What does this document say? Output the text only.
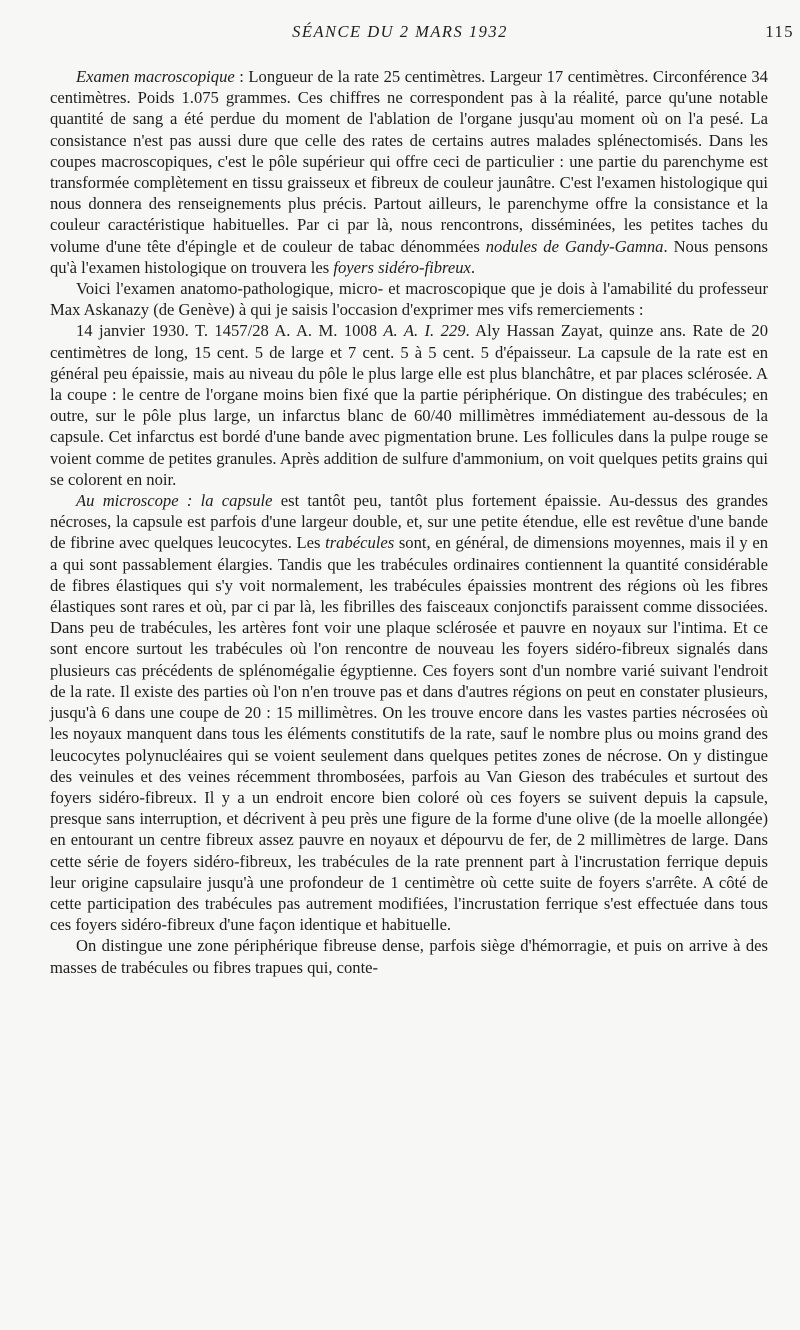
SÉANCE DU 2 MARS 1932	115

Examen macroscopique : Longueur de la rate 25 centimètres. Largeur 17 centimètres. Circonférence 34 centimètres. Poids 1.075 grammes. Ces chiffres ne correspondent pas à la réalité, parce qu'une notable quantité de sang a été perdue du moment de l'ablation de l'organe jusqu'au moment où on l'a pesé. La consistance n'est pas aussi dure que celle des rates de certains autres malades splénectomisés. Dans les coupes macroscopiques, c'est le pôle supérieur qui offre ceci de particulier : une partie du parenchyme est transformée complètement en tissu graisseux et fibreux de couleur jaunâtre. C'est l'examen histologique qui nous donnera des renseignements plus précis. Partout ailleurs, le parenchyme offre la consistance et la couleur caractéristique habituelles. Par ci par là, nous rencontrons, disséminées, les petites taches du volume d'une tête d'épingle et de couleur de tabac dénommées nodules de Gandy-Gamna. Nous pensons qu'à l'examen histologique on trouvera les foyers sidéro-fibreux.

Voici l'examen anatomo-pathologique, micro- et macroscopique que je dois à l'amabilité du professeur Max Askanazy (de Genève) à qui je saisis l'occasion d'exprimer mes vifs remerciements :

14 janvier 1930. T. 1457/28 A. A. M. 1008 A. A. I. 229. Aly Hassan Zayat, quinze ans. Rate de 20 centimètres de long, 15 cent. 5 de large et 7 cent. 5 à 5 cent. 5 d'épaisseur. La capsule de la rate est en général peu épaissie, mais au niveau du pôle le plus large elle est plus blanchâtre, et par places sclérosée. A la coupe : le centre de l'organe moins bien fixé que la partie périphérique. On distingue des trabécules; en outre, sur le pôle plus large, un infarctus blanc de 60/40 millimètres immédiatement au-dessous de la capsule. Cet infarctus est bordé d'une bande avec pigmentation brune. Les follicules dans la pulpe rouge se voient comme de petites granules. Après addition de sulfure d'ammonium, on voit quelques petits grains qui se colorent en noir.

Au microscope : la capsule est tantôt peu, tantôt plus fortement épaissie. Au-dessus des grandes nécroses, la capsule est parfois d'une largeur double, et, sur une petite étendue, elle est revêtue d'une bande de fibrine avec quelques leucocytes. Les trabécules sont, en général, de dimensions moyennes, mais il y en a qui sont passablement élargies. Tandis que les trabécules ordinaires contiennent la quantité considérable de fibres élastiques qui s'y voit normalement, les trabécules épaissies montrent des régions où les fibres élastiques sont rares et où, par ci par là, les fibrilles des faisceaux conjonctifs paraissent comme dissociées. Dans peu de trabécules, les artères font voir une plaque sclérosée et pauvre en noyaux sur l'intima. Et ce sont encore surtout les trabécules où l'on rencontre de nouveau les foyers sidéro-fibreux signalés dans plusieurs cas précédents de splénomégalie égyptienne. Ces foyers sont d'un nombre varié suivant l'endroit de la rate. Il existe des parties où l'on n'en trouve pas et dans d'autres régions on peut en constater plusieurs, jusqu'à 6 dans une coupe de 20 : 15 millimètres. On les trouve encore dans les vastes parties nécrosées où les noyaux manquent dans tous les éléments constitutifs de la rate, sauf le nombre plus ou moins grand des leucocytes polynucléaires qui se voient seulement dans quelques petites zones de nécrose. On y distingue des veinules et des veines récemment thrombosées, parfois au Van Gieson des trabécules et surtout des foyers sidéro-fibreux. Il y a un endroit encore bien coloré où ces foyers se suivent depuis la capsule, presque sans interruption, et décrivent à peu près une figure de la forme d'une olive (de la moelle allongée) en entourant un centre fibreux assez pauvre en noyaux et dépourvu de fer, de 2 millimètres de large. Dans cette série de foyers sidéro-fibreux, les trabécules de la rate prennent part à l'incrustation ferrique depuis leur origine capsulaire jusqu'à une profondeur de 1 centimètre où cette suite de foyers s'arrête. A côté de cette participation des trabécules pas autrement modifiées, l'incrustation ferrique s'est effectuée dans tous ces foyers sidéro-fibreux d'une façon identique et habituelle.

On distingue une zone périphérique fibreuse dense, parfois siège d'hémorragie, et puis on arrive à des masses de trabécules ou fibres trapues qui, conte-
